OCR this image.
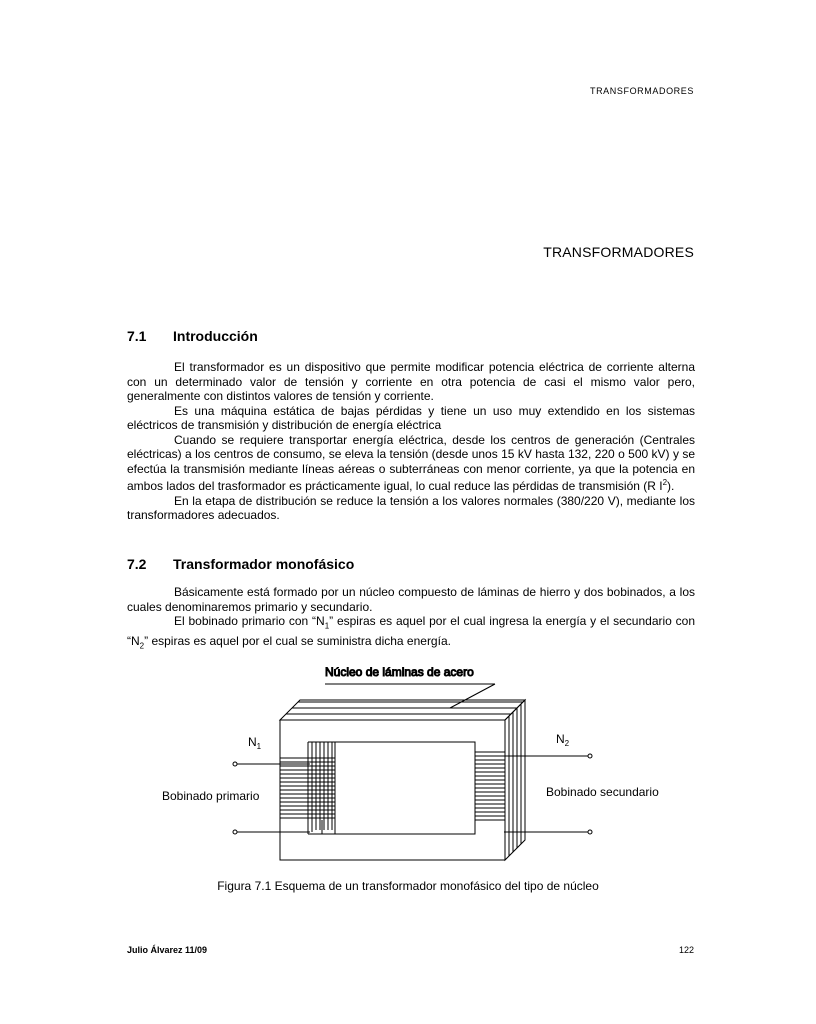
TRANSFORMADORES
TRANSFORMADORES
7.1 Introducción

El transformador es un dispositivo que permite modificar potencia eléctrica de corriente alterna con un determinado valor de tensión y corriente en otra potencia de casi el mismo valor pero, generalmente con distintos valores de tensión y corriente.

Es una máquina estática de bajas pérdidas y tiene un uso muy extendido en los sistemas eléctricos de transmisión y distribución de energía eléctrica

Cuando se requiere transportar energía eléctrica, desde los centros de generación (Centrales eléctricas) a los centros de consumo, se eleva la tensión (desde unos 15 kV hasta 132, 220 o 500 kV) y se efectúa la transmisión mediante líneas aéreas o subterráneas con menor corriente, ya que la potencia en ambos lados del trasformador es prácticamente igual, lo cual reduce las pérdidas de transmisión (R $I^2$).

En la etapa de distribución se reduce la tensión a los valores normales (380/220 V), mediante los transformadores adecuados.

7.2 Transformador monofásico

Básicamente está formado por un núcleo compuesto de láminas de hierro y dos bobinados, a los cuales denominaremos primario y secundario.

El bobinado primario con “$N_1$” espiras es aquel por el cual ingresa la energía y el secundario con “$N_2$” espiras es aquel por el cual se suministra dicha energía.

Núcleo de láminas de acero
$N_1$
$N_2$
Bobinado primario	Bobinado secundario
Figura 7.1 Esquema de un transformador monofásico del tipo de núcleo
Julio Álvarez 11/09	122
